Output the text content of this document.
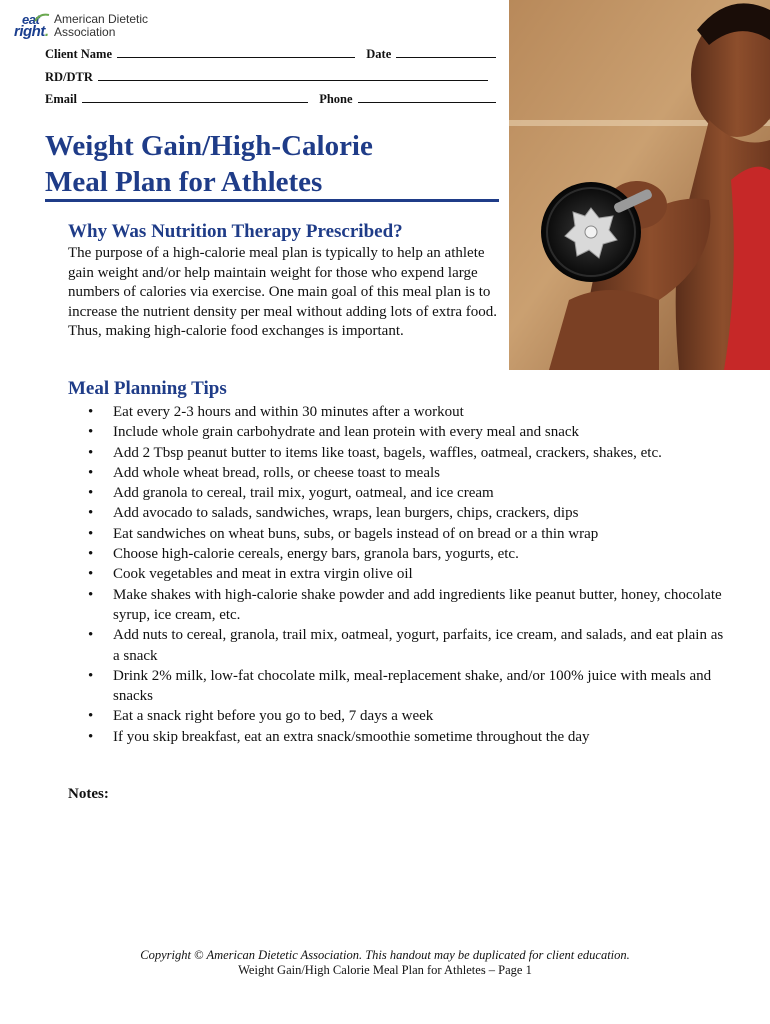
eat
right.
American Dietetic
Association
Client Name	Date
RD/DTR
Email	Phone
Weight Gain/High-Calorie
Meal Plan for Athletes
Why Was Nutrition Therapy Prescribed?
The purpose of a high-calorie meal plan is typically to help an athlete gain weight and/or help maintain weight for those who expend large numbers of calories via exercise. One main goal of this meal plan is to increase the nutrient density per meal without adding lots of extra food. Thus, making high-calorie food exchanges is important.
Meal Planning Tips
• Eat every 2-3 hours and within 30 minutes after a workout
• Include whole grain carbohydrate and lean protein with every meal and snack
• Add 2 Tbsp peanut butter to items like toast, bagels, waffles, oatmeal, crackers, shakes, etc.
• Add whole wheat bread, rolls, or cheese toast to meals
• Add granola to cereal, trail mix, yogurt, oatmeal, and ice cream
• Add avocado to salads, sandwiches, wraps, lean burgers, chips, crackers, dips
• Eat sandwiches on wheat buns, subs, or bagels instead of on bread or a thin wrap
• Choose high-calorie cereals, energy bars, granola bars, yogurts, etc.
• Cook vegetables and meat in extra virgin olive oil
• Make shakes with high-calorie shake powder and add ingredients like peanut butter, honey, chocolate syrup, ice cream, etc.
• Add nuts to cereal, granola, trail mix, oatmeal, yogurt, parfaits, ice cream, and salads, and eat plain as a snack
• Drink 2% milk, low-fat chocolate milk, meal-replacement shake, and/or 100% juice with meals and snacks
• Eat a snack right before you go to bed, 7 days a week
• If you skip breakfast, eat an extra snack/smoothie sometime throughout the day
Notes:
Copyright © American Dietetic Association. This handout may be duplicated for client education.
Weight Gain/High Calorie Meal Plan for Athletes – Page 1
